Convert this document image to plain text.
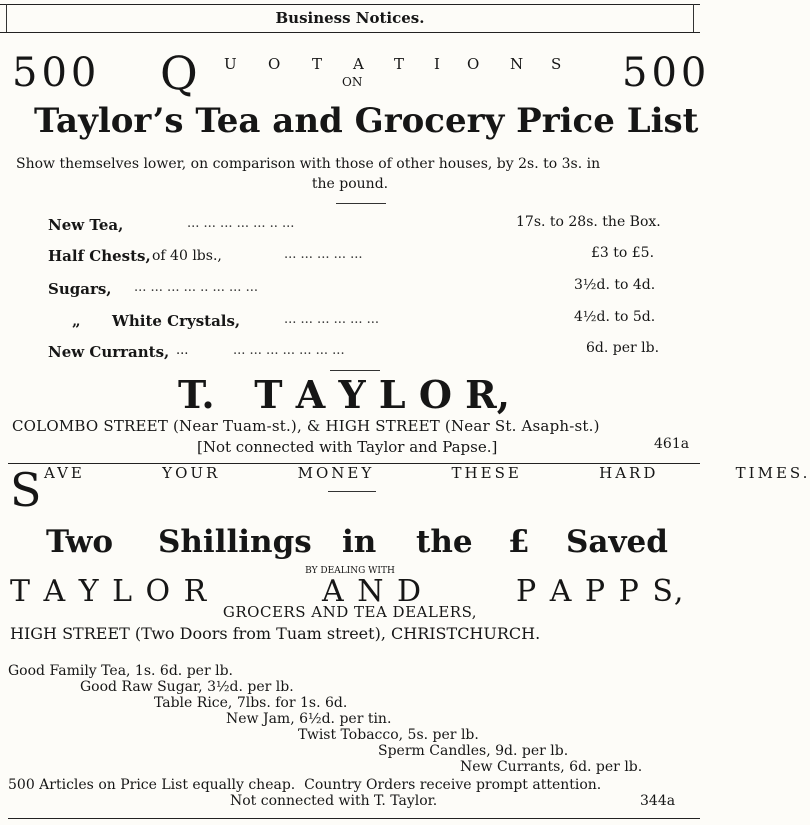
Business Notices.
500 Q U O T A T I O N S
ON	500
Taylor’s Tea and Grocery Price List
Show themselves lower, on comparison with those of other houses, by 2s. to 3s. in
the pound.
New Tea,	... ... ... ... ... .. ...	17s. to 28s. the Box.
Half Chests, of 40 lbs.,	... ... ... ... ...	£3 to £5.
Sugars, ... ... ... ... .. ... ... ...	3½d. to 4d.
„ White Crystals,	... ... ... ... ... ...	4½d. to 5d.
New Currants, ...	... ... ... ... ... ... ...	6d. per lb.
T.   T A Y L O R,
COLOMBO STREET (Near Tuam-st.), & HIGH STREET (Near St. Asaph-st.)
[Not connected with Taylor and Papse.]	461a
S AVE   YOUR   MONEY   THESE   HARD   TIMES.
Two Shillings in the £ Saved
BY DEALING WITH
T A Y L O R	A N D	P A P P S,
GROCERS AND TEA DEALERS,
HIGH STREET (Two Doors from Tuam street), CHRISTCHURCH.
Good Family Tea, 1s. 6d. per lb.
Good Raw Sugar, 3½d. per lb.
Table Rice, 7lbs. for 1s. 6d.
New Jam, 6½d. per tin.
Twist Tobacco, 5s. per lb.
Sperm Candles, 9d. per lb.
New Currants, 6d. per lb.
500 Articles on Price List equally cheap.  Country Orders receive prompt attention.
Not connected with T. Taylor.	344a
